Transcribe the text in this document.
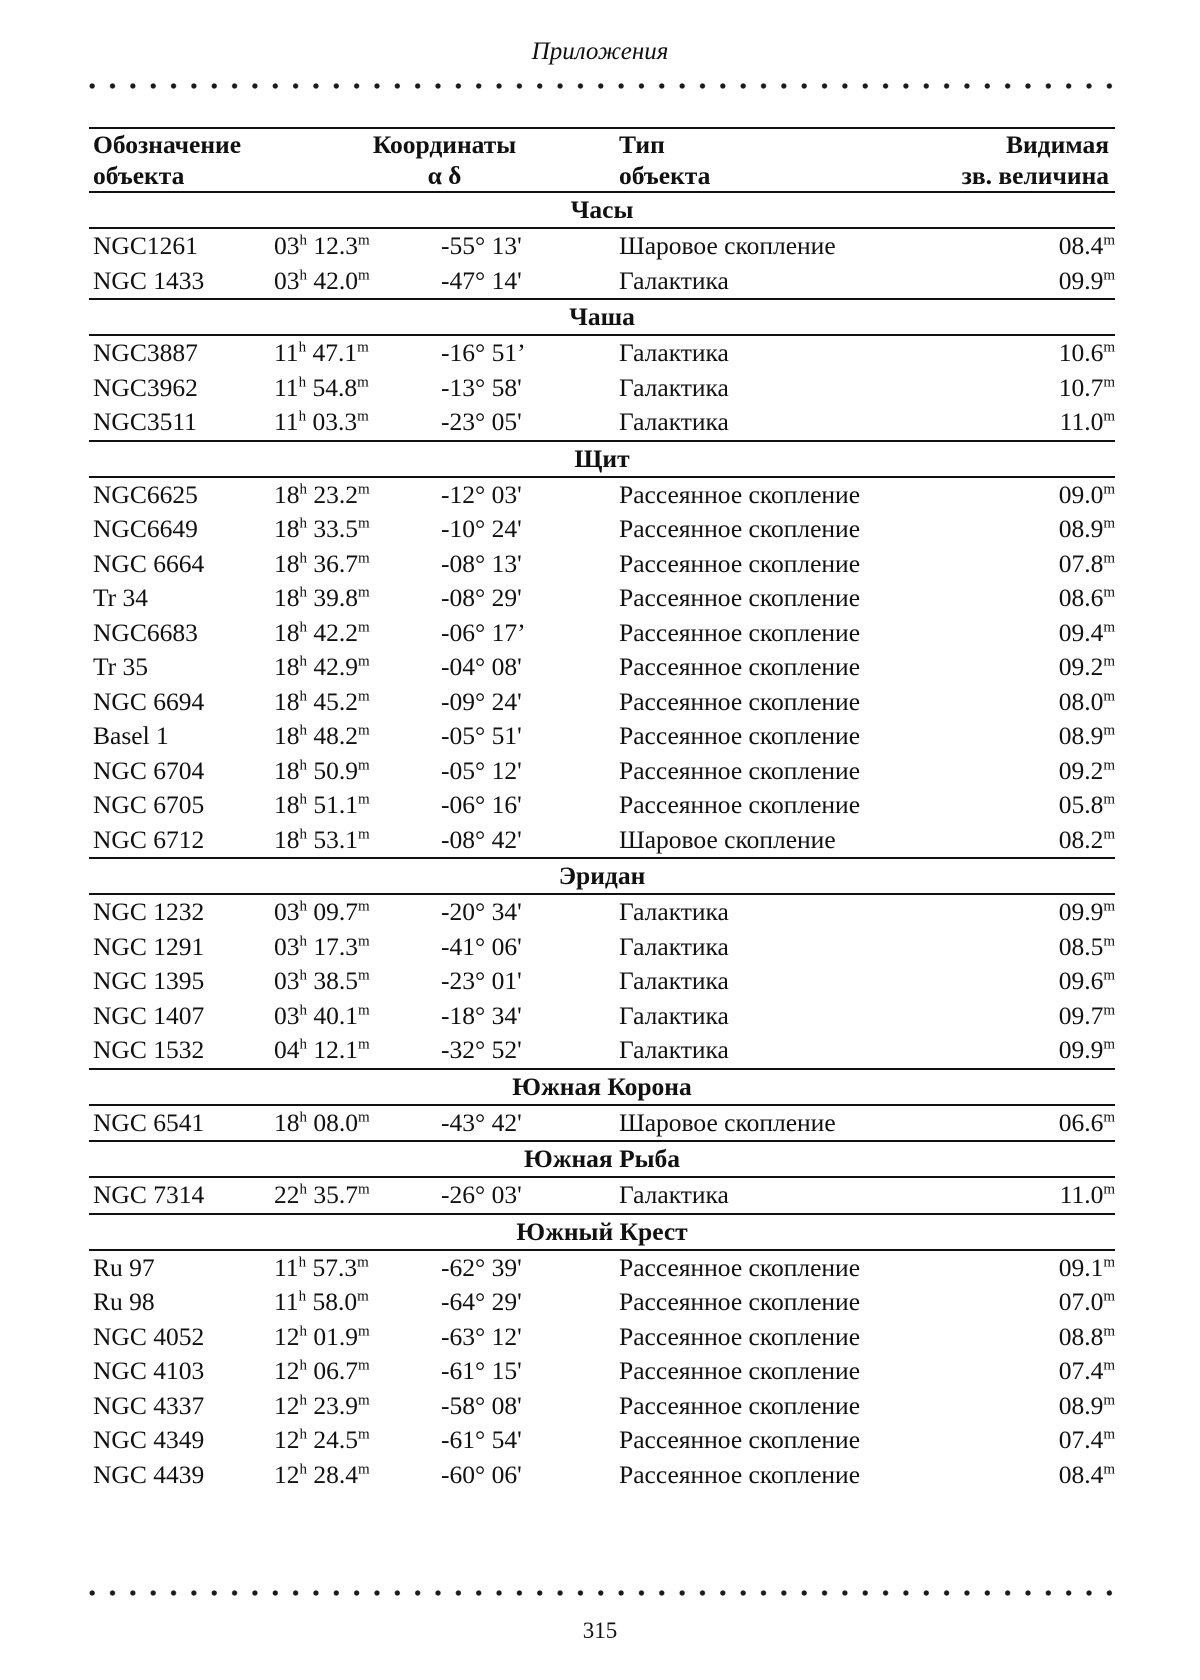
Приложения
Обозначение	Координаты		Тип	Видимая
объекта	α δ		объекта	зв. величина
Часы				
NGC1261	03$^h$ 12.3$^m$	-55° 13'	Шаровое скопление	08.4$^m$
NGC 1433	03$^h$ 42.0$^m$	-47° 14'	Галактика	09.9$^m$
Чаша				
NGC3887	11$^h$ 47.1$^m$	-16° 51’	Галактика	10.6$^m$
NGC3962	11$^h$ 54.8$^m$	-13° 58'	Галактика	10.7$^m$
NGC3511	11$^h$ 03.3$^m$	-23° 05'	Галактика	11.0$^m$
Щит				
NGC6625	18$^h$ 23.2$^m$	-12° 03'	Рассеянное скопление	09.0$^m$
NGC6649	18$^h$ 33.5$^m$	-10° 24'	Рассеянное скопление	08.9$^m$
NGC 6664	18$^h$ 36.7$^m$	-08° 13'	Рассеянное скопление	07.8$^m$
Tr 34	18$^h$ 39.8$^m$	-08° 29'	Рассеянное скопление	08.6$^m$
NGC6683	18$^h$ 42.2$^m$	-06° 17’	Рассеянное скопление	09.4$^m$
Tr 35	18$^h$ 42.9$^m$	-04° 08'	Рассеянное скопление	09.2$^m$
NGC 6694	18$^h$ 45.2$^m$	-09° 24'	Рассеянное скопление	08.0$^m$
Basel 1	18$^h$ 48.2$^m$	-05° 51'	Рассеянное скопление	08.9$^m$
NGC 6704	18$^h$ 50.9$^m$	-05° 12'	Рассеянное скопление	09.2$^m$
NGC 6705	18$^h$ 51.1$^m$	-06° 16'	Рассеянное скопление	05.8$^m$
NGC 6712	18$^h$ 53.1$^m$	-08° 42'	Шаровое скопление	08.2$^m$
Эридан				
NGC 1232	03$^h$ 09.7$^m$	-20° 34'	Галактика	09.9$^m$
NGC 1291	03$^h$ 17.3$^m$	-41° 06'	Галактика	08.5$^m$
NGC 1395	03$^h$ 38.5$^m$	-23° 01'	Галактика	09.6$^m$
NGC 1407	03$^h$ 40.1$^m$	-18° 34'	Галактика	09.7$^m$
NGC 1532	04$^h$ 12.1$^m$	-32° 52'	Галактика	09.9$^m$
Южная Корона				
NGC 6541	18$^h$ 08.0$^m$	-43° 42'	Шаровое скопление	06.6$^m$
Южная Рыба				
NGC 7314	22$^h$ 35.7$^m$	-26° 03'	Галактика	11.0$^m$
Южный Крест				
Ru 97	11$^h$ 57.3$^m$	-62° 39'	Рассеянное скопление	09.1$^m$
Ru 98	11$^h$ 58.0$^m$	-64° 29'	Рассеянное скопление	07.0$^m$
NGC 4052	12$^h$ 01.9$^m$	-63° 12'	Рассеянное скопление	08.8$^m$
NGC 4103	12$^h$ 06.7$^m$	-61° 15'	Рассеянное скопление	07.4$^m$
NGC 4337	12$^h$ 23.9$^m$	-58° 08'	Рассеянное скопление	08.9$^m$
NGC 4349	12$^h$ 24.5$^m$	-61° 54'	Рассеянное скопление	07.4$^m$
NGC 4439	12$^h$ 28.4$^m$	-60° 06'	Рассеянное скопление	08.4$^m$
315
